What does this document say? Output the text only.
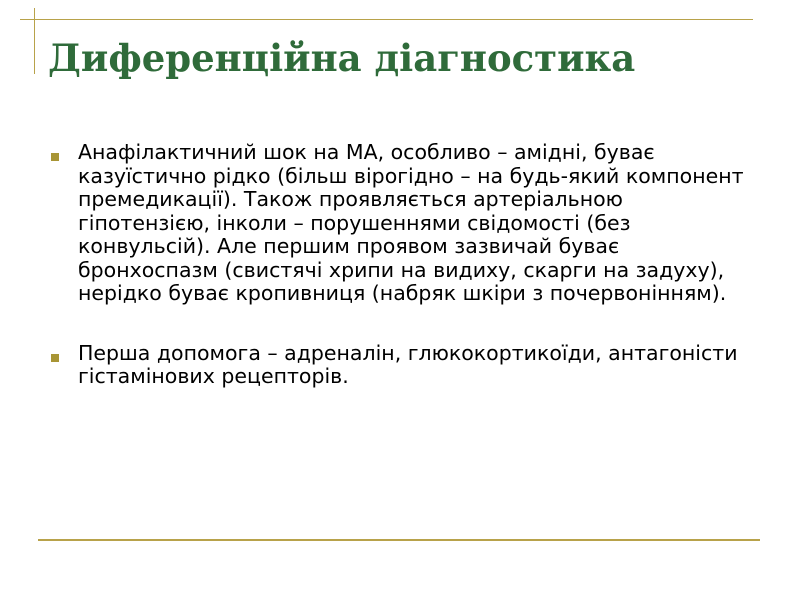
Диференційна діагностика
Анафілактичний шок на МА, особливо – амідні, буває казуїстично рідко (більш вірогідно – на будь-який компонент премедикації). Також проявляється артеріальною гіпотензією, інколи – порушеннями свідомості (без конвульсій). Але першим проявом зазвичай буває бронхоспазм (свистячі хрипи на видиху, скарги на задуху), нерідко буває кропивниця (набряк шкіри з почервонінням).
Перша допомога – адреналін, глюкокортикоїди, антагоністи гістамінових рецепторів.
